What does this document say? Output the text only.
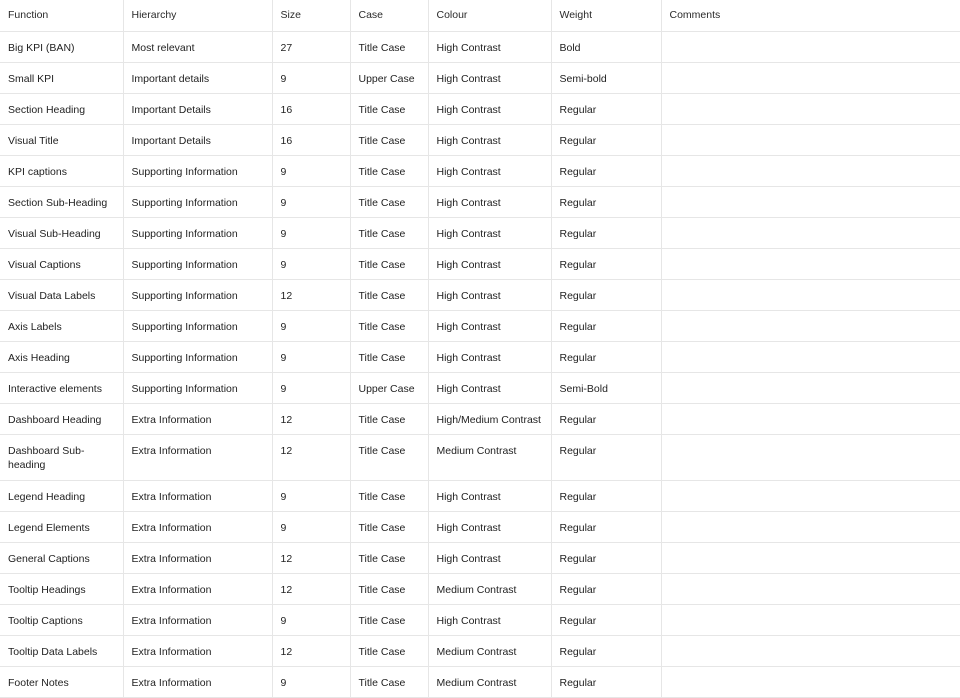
Function	Hierarchy	Size	Case	Colour	Weight	Comments
Big KPI (BAN)	Most relevant	27	Title Case	High Contrast	Bold	
Small KPI	Important details	9	Upper Case	High Contrast	Semi-bold	
Section Heading	Important Details	16	Title Case	High Contrast	Regular	
Visual Title	Important Details	16	Title Case	High Contrast	Regular	
KPI captions	Supporting Information	9	Title Case	High Contrast	Regular	
Section Sub-Heading	Supporting Information	9	Title Case	High Contrast	Regular	
Visual Sub-Heading	Supporting Information	9	Title Case	High Contrast	Regular	
Visual Captions	Supporting Information	9	Title Case	High Contrast	Regular	
Visual Data Labels	Supporting Information	12	Title Case	High Contrast	Regular	
Axis Labels	Supporting Information	9	Title Case	High Contrast	Regular	
Axis Heading	Supporting Information	9	Title Case	High Contrast	Regular	
Interactive elements	Supporting Information	9	Upper Case	High Contrast	Semi-Bold	
Dashboard Heading	Extra Information	12	Title Case	High/Medium Contrast	Regular	
Dashboard Sub-heading	Extra Information	12	Title Case	Medium Contrast	Regular	
Legend Heading	Extra Information	9	Title Case	High Contrast	Regular	
Legend Elements	Extra Information	9	Title Case	High Contrast	Regular	
General Captions	Extra Information	12	Title Case	High Contrast	Regular	
Tooltip Headings	Extra Information	12	Title Case	Medium Contrast	Regular	
Tooltip Captions	Extra Information	9	Title Case	High Contrast	Regular	
Tooltip Data Labels	Extra Information	12	Title Case	Medium Contrast	Regular	
Footer Notes	Extra Information	9	Title Case	Medium Contrast	Regular	
